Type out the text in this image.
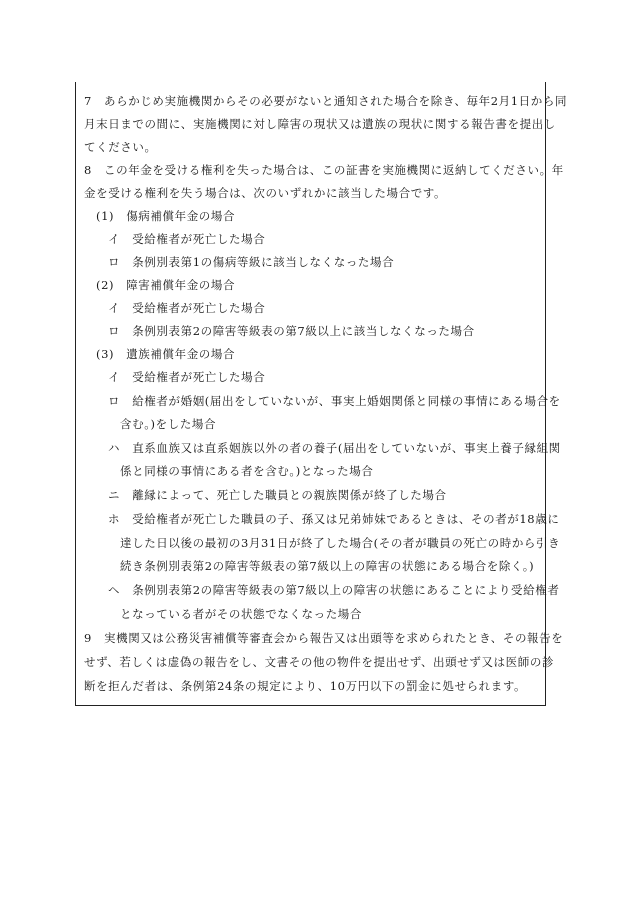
7　あらかじめ実施機関からその必要がないと通知された場合を除き、毎年2月1日から同
月末日までの間に、実施機関に対し障害の現状又は遺族の現状に関する報告書を提出し
てください。
8　この年金を受ける権利を失った場合は、この証書を実施機関に返納してください。年
金を受ける権利を失う場合は、次のいずれかに該当した場合です。
(1)　傷病補償年金の場合
イ　受給権者が死亡した場合
ロ　条例別表第1の傷病等級に該当しなくなった場合
(2)　障害補償年金の場合
イ　受給権者が死亡した場合
ロ　条例別表第2の障害等級表の第7級以上に該当しなくなった場合
(3)　遺族補償年金の場合
イ　受給権者が死亡した場合
ロ　給権者が婚姻(届出をしていないが、事実上婚姻関係と同様の事情にある場合を
含む。)をした場合
ハ　直系血族又は直系姻族以外の者の養子(届出をしていないが、事実上養子縁組関
係と同様の事情にある者を含む。)となった場合
ニ　離縁によって、死亡した職員との親族関係が終了した場合
ホ　受給権者が死亡した職員の子、孫又は兄弟姉妹であるときは、その者が18歳に
達した日以後の最初の3月31日が終了した場合(その者が職員の死亡の時から引き
続き条例別表第2の障害等級表の第7級以上の障害の状態にある場合を除く。)
ヘ　条例別表第2の障害等級表の第7級以上の障害の状態にあることにより受給権者
となっている者がその状態でなくなった場合
9　実機関又は公務災害補償等審査会から報告又は出頭等を求められたとき、その報告を
せず、若しくは虚偽の報告をし、文書その他の物件を提出せず、出頭せず又は医師の診
断を拒んだ者は、条例第24条の規定により、10万円以下の罰金に処せられます。
